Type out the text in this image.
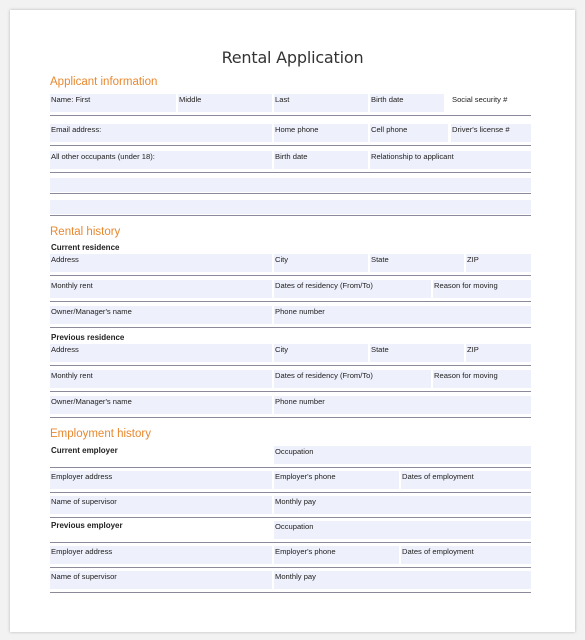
Rental Application
Applicant information
Name: First	Middle	Last	Birth date	Social security #
Email address:	Home phone	Cell phone	Driver's license #
All other occupants (under 18):	Birth date	Relationship to applicant
Rental history
Current residence
Address	City	State	ZIP
Monthly rent	Dates of residency (From/To)	Reason for moving
Owner/Manager's name	Phone number
Previous residence
Address	City	State	ZIP
Monthly rent	Dates of residency (From/To)	Reason for moving
Owner/Manager's name	Phone number
Employment history
Current employer	Occupation
Employer address	Employer's phone	Dates of employment
Name of supervisor	Monthly pay
Previous employer	Occupation
Employer address	Employer's phone	Dates of employment
Name of supervisor	Monthly pay
